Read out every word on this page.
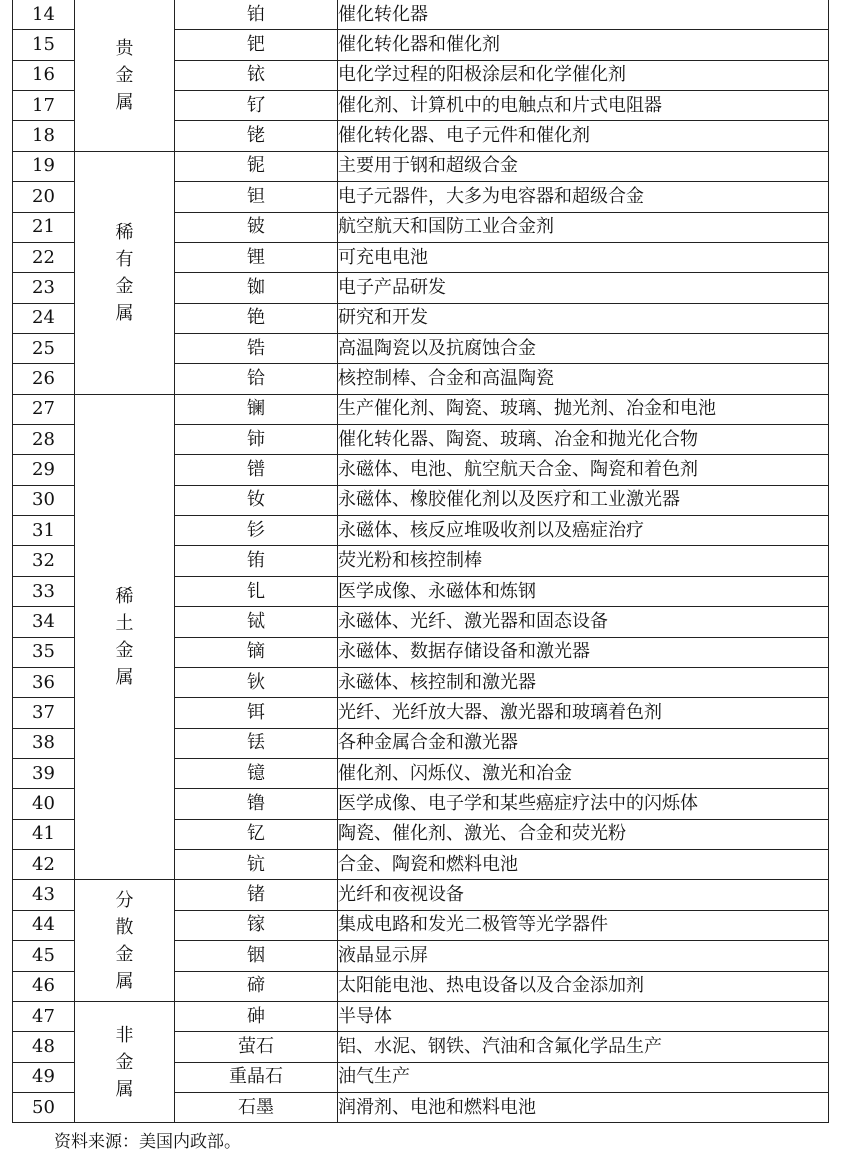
14	贵金属	铂	催化转化器
15		钯	催化转化器和催化剂
16		铱	电化学过程的阳极涂层和化学催化剂
17		钌	催化剂、计算机中的电触点和片式电阻器
18		铑	催化转化器、电子元件和催化剂
19	稀有金属	铌	主要用于钢和超级合金
20		钽	电子元器件，大多为电容器和超级合金
21		铍	航空航天和国防工业合金剂
22		锂	可充电电池
23		铷	电子产品研发
24		铯	研究和开发
25		锆	高温陶瓷以及抗腐蚀合金
26		铪	核控制棒、合金和高温陶瓷
27	稀土金属	镧	生产催化剂、陶瓷、玻璃、抛光剂、冶金和电池
28		铈	催化转化器、陶瓷、玻璃、冶金和抛光化合物
29		镨	永磁体、电池、航空航天合金、陶瓷和着色剂
30		钕	永磁体、橡胶催化剂以及医疗和工业激光器
31		钐	永磁体、核反应堆吸收剂以及癌症治疗
32		铕	荧光粉和核控制棒
33		钆	医学成像、永磁体和炼钢
34		铽	永磁体、光纤、激光器和固态设备
35		镝	永磁体、数据存储设备和激光器
36		钬	永磁体、核控制和激光器
37		铒	光纤、光纤放大器、激光器和玻璃着色剂
38		铥	各种金属合金和激光器
39		镱	催化剂、闪烁仪、激光和冶金
40		镥	医学成像、电子学和某些癌症疗法中的闪烁体
41		钇	陶瓷、催化剂、激光、合金和荧光粉
42		钪	合金、陶瓷和燃料电池
43	分散金属	锗	光纤和夜视设备
44		镓	集成电路和发光二极管等光学器件
45		铟	液晶显示屏
46		碲	太阳能电池、热电设备以及合金添加剂
47	非金属	砷	半导体
48		萤石	铝、水泥、钢铁、汽油和含氟化学品生产
49		重晶石	油气生产
50		石墨	润滑剂、电池和燃料电池
资料来源：美国内政部。
